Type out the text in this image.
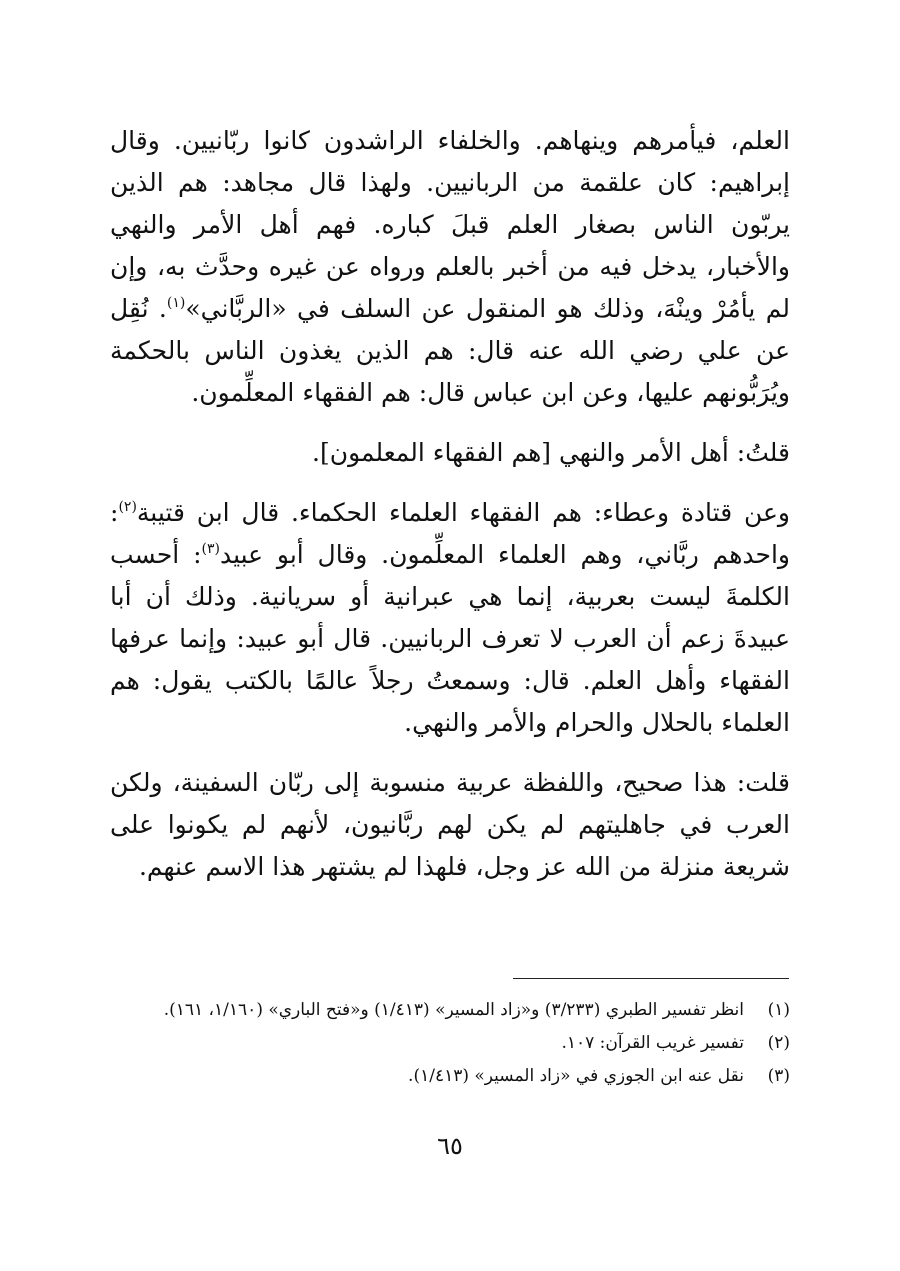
العلم، فيأمرهم وينهاهم. والخلفاء الراشدون كانوا ربّانيين. وقال إبراهيم: كان علقمة من الربانيين. ولهذا قال مجاهد: هم الذين يربّون الناس بصغار العلم قبلَ كباره. فهم أهل الأمر والنهي والأخبار، يدخل فيه من أخبر بالعلم ورواه عن غيره وحدَّث به، وإن لم يأمُرْ وينْهَ، وذلك هو المنقول عن السلف في «الربَّاني»$^{(١)}$. نُقِل عن علي رضي الله عنه قال: هم الذين يغذون الناس بالحكمة ويُرَبُّونهم عليها، وعن ابن عباس قال: هم الفقهاء المعلِّمون.

قلتُ: أهل الأمر والنهي [هم الفقهاء المعلمون].

وعن قتادة وعطاء: هم الفقهاء العلماء الحكماء. قال ابن قتيبة$^{(٢)}$: واحدهم ربَّاني، وهم العلماء المعلِّمون. وقال أبو عبيد$^{(٣)}$: أحسب الكلمةَ ليست بعربية، إنما هي عبرانية أو سريانية. وذلك أن أبا عبيدةَ زعم أن العرب لا تعرف الربانيين. قال أبو عبيد: وإنما عرفها الفقهاء وأهل العلم. قال: وسمعتُ رجلاً عالمًا بالكتب يقول: هم العلماء بالحلال والحرام والأمر والنهي.

قلت: هذا صحيح، واللفظة عربية منسوبة إلى ربّان السفينة، ولكن العرب في جاهليتهم لم يكن لهم ربَّانيون، لأنهم لم يكونوا على شريعة منزلة من الله عز وجل، فلهذا لم يشتهر هذا الاسم عنهم.

(١)
انظر تفسير الطبري (٣/٢٣٣) و«زاد المسير» (١/٤١٣) و«فتح الباري» (١/١٦٠، ١٦١).
(٢)
تفسير غريب القرآن: ١٠٧.
(٣)
نقل عنه ابن الجوزي في «زاد المسير» (١/٤١٣).
٦٥
